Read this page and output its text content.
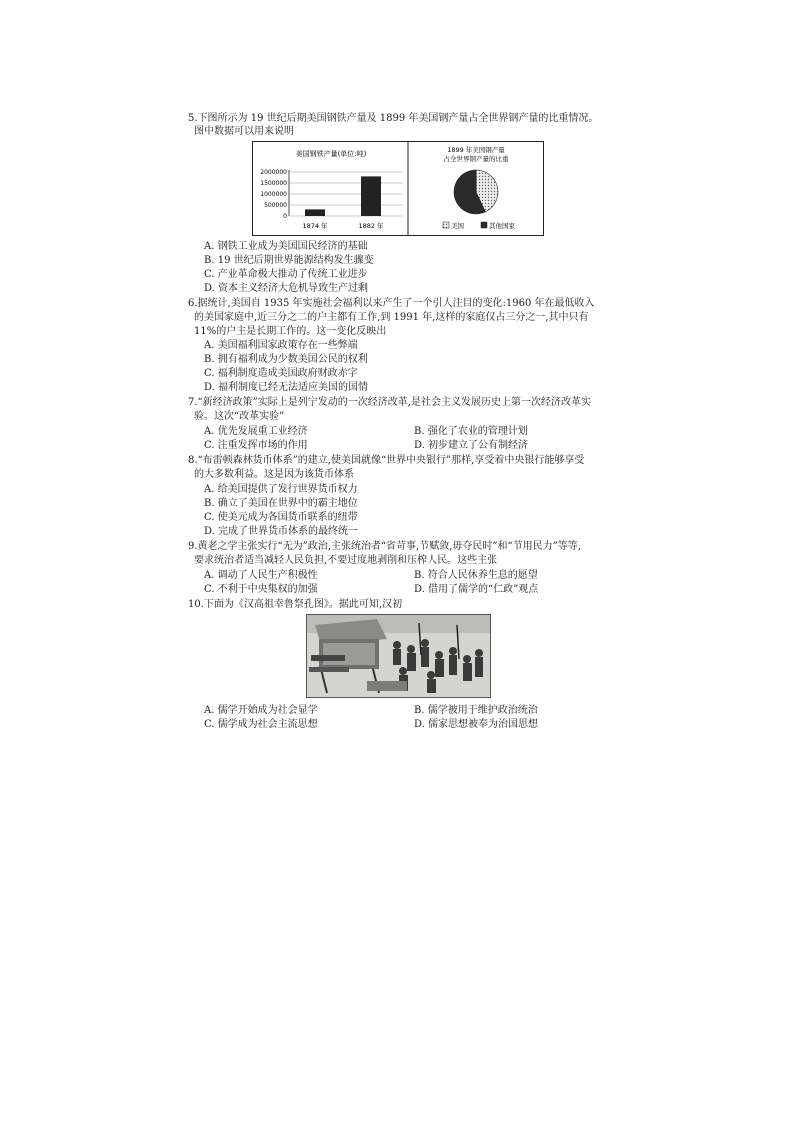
5.下图所示为 19 世纪后期美国钢铁产量及 1899 年美国钢产量占全世界钢产量的比重情况。
图中数据可以用来说明
美国钢铁产量(单位:吨)
2000000
1500000
1000000
500000
0
1874 年	1882 年
1899 年美国钢产量
占全世界钢产量的比重
美国	其他国家
A. 钢铁工业成为美国国民经济的基础
B. 19 世纪后期世界能源结构发生骤变
C. 产业革命极大推动了传统工业进步
D. 资本主义经济大危机导致生产过剩
6.据统计,美国自 1935 年实施社会福利以来产生了一个引人注目的变化:1960 年在最低收入
的美国家庭中,近三分之二的户主都有工作,到 1991 年,这样的家庭仅占三分之一,其中只有
11%的户主是长期工作的。这一变化反映出
A. 美国福利国家政策存在一些弊端
B. 拥有福利成为少数美国公民的权利
C. 福利制度造成美国政府财政赤字
D. 福利制度已经无法适应美国的国情
7.“新经济政策”实际上是列宁发动的一次经济改革,是社会主义发展历史上第一次经济改革实
验。这次“改革实验”
A. 优先发展重工业经济	B. 强化了农业的管理计划
C. 注重发挥市场的作用	D. 初步建立了公有制经济
8.“布雷顿森林货币体系”的建立,使美国就像“世界中央银行”那样,享受着中央银行能够享受
的大多数利益。这是因为该货币体系
A. 给美国提供了发行世界货币权力
B. 确立了美国在世界中的霸主地位
C. 使美元成为各国货币联系的纽带
D. 完成了世界货币体系的最终统一
9.黄老之学主张实行“无为”政治,主张统治者“省苛事,节赋敛,毋夺民时”和“节用民力”等等,
要求统治者适当减轻人民负担,不要过度地剥削和压榨人民。这些主张
A. 调动了人民生产积极性	B. 符合人民休养生息的愿望
C. 不利于中央集权的加强	D. 借用了儒学的“仁政”观点
10.下面为《汉高祖幸鲁祭孔图》。据此可知,汉初
A. 儒学开始成为社会显学	B. 儒学被用于维护政治统治
C. 儒学成为社会主流思想	D. 儒家思想被奉为治国思想
